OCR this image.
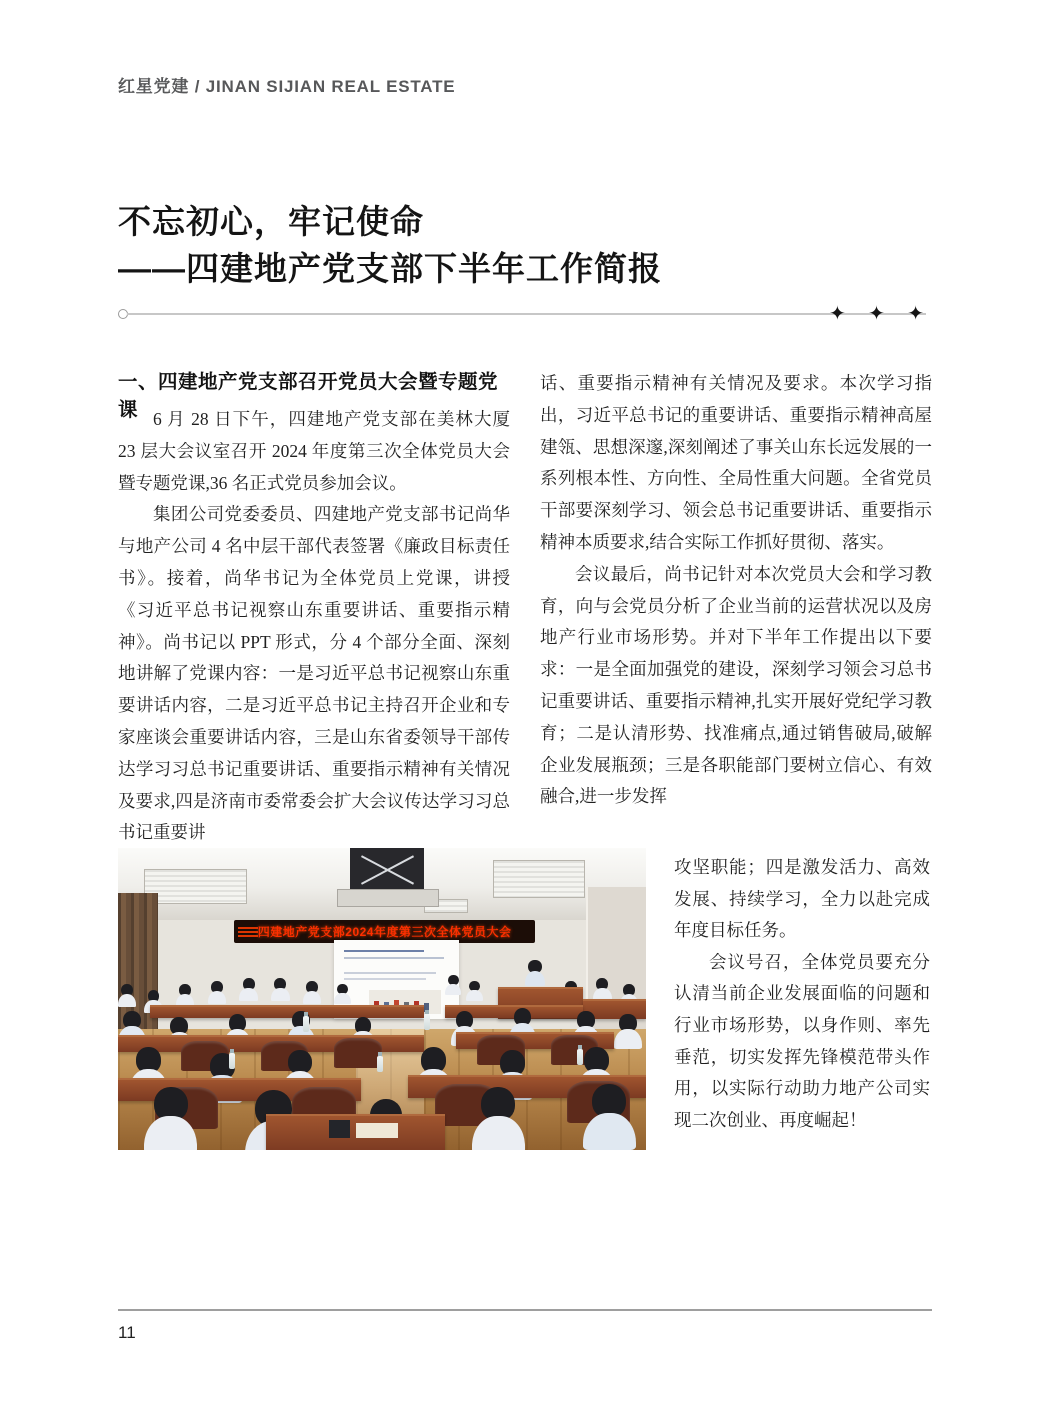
红星党建 / JINAN SIJIAN REAL ESTATE
不忘初心，牢记使命
——四建地产党支部下半年工作简报
✦ ✦ ✦
一、四建地产党支部召开党员大会暨专题党课 6 月 28 日下午，四建地产党支部在美林大厦 23 层大会议室召开 2024 年度第三次全体党员大会暨专题党课,36 名正式党员参加会议。

集团公司党委委员、四建地产党支部书记尚华与地产公司 4 名中层干部代表签署《廉政目标责任书》。接着，尚华书记为全体党员上党课，讲授《习近平总书记视察山东重要讲话、重要指示精神》。尚书记以 PPT 形式，分 4 个部分全面、深刻地讲解了党课内容：一是习近平总书记视察山东重要讲话内容，二是习近平总书记主持召开企业和专家座谈会重要讲话内容，三是山东省委领导干部传达学习习总书记重要讲话、重要指示精神有关情况及要求,四是济南市委常委会扩大会议传达学习习总书记重要讲

话、重要指示精神有关情况及要求。本次学习指出，习近平总书记的重要讲话、重要指示精神高屋建瓴、思想深邃,深刻阐述了事关山东长远发展的一系列根本性、方向性、全局性重大问题。全省党员干部要深刻学习、领会总书记重要讲话、重要指示精神本质要求,结合实际工作抓好贯彻、落实。

会议最后，尚书记针对本次党员大会和学习教育，向与会党员分析了企业当前的运营状况以及房地产行业市场形势。并对下半年工作提出以下要求：一是全面加强党的建设，深刻学习领会习总书记重要讲话、重要指示精神,扎实开展好党纪学习教育；二是认清形势、找准痛点,通过销售破局,破解企业发展瓶颈；三是各职能部门要树立信心、有效融合,进一步发挥

攻坚职能；四是激发活力、高效发展、持续学习，全力以赴完成年度目标任务。

会议号召，全体党员要充分认清当前企业发展面临的问题和行业市场形势，以身作则、率先垂范，切实发挥先锋模范带头作用，以实际行动助力地产公司实现二次创业、再度崛起！

四建地产党支部2024年度第三次全体党员大会
11
